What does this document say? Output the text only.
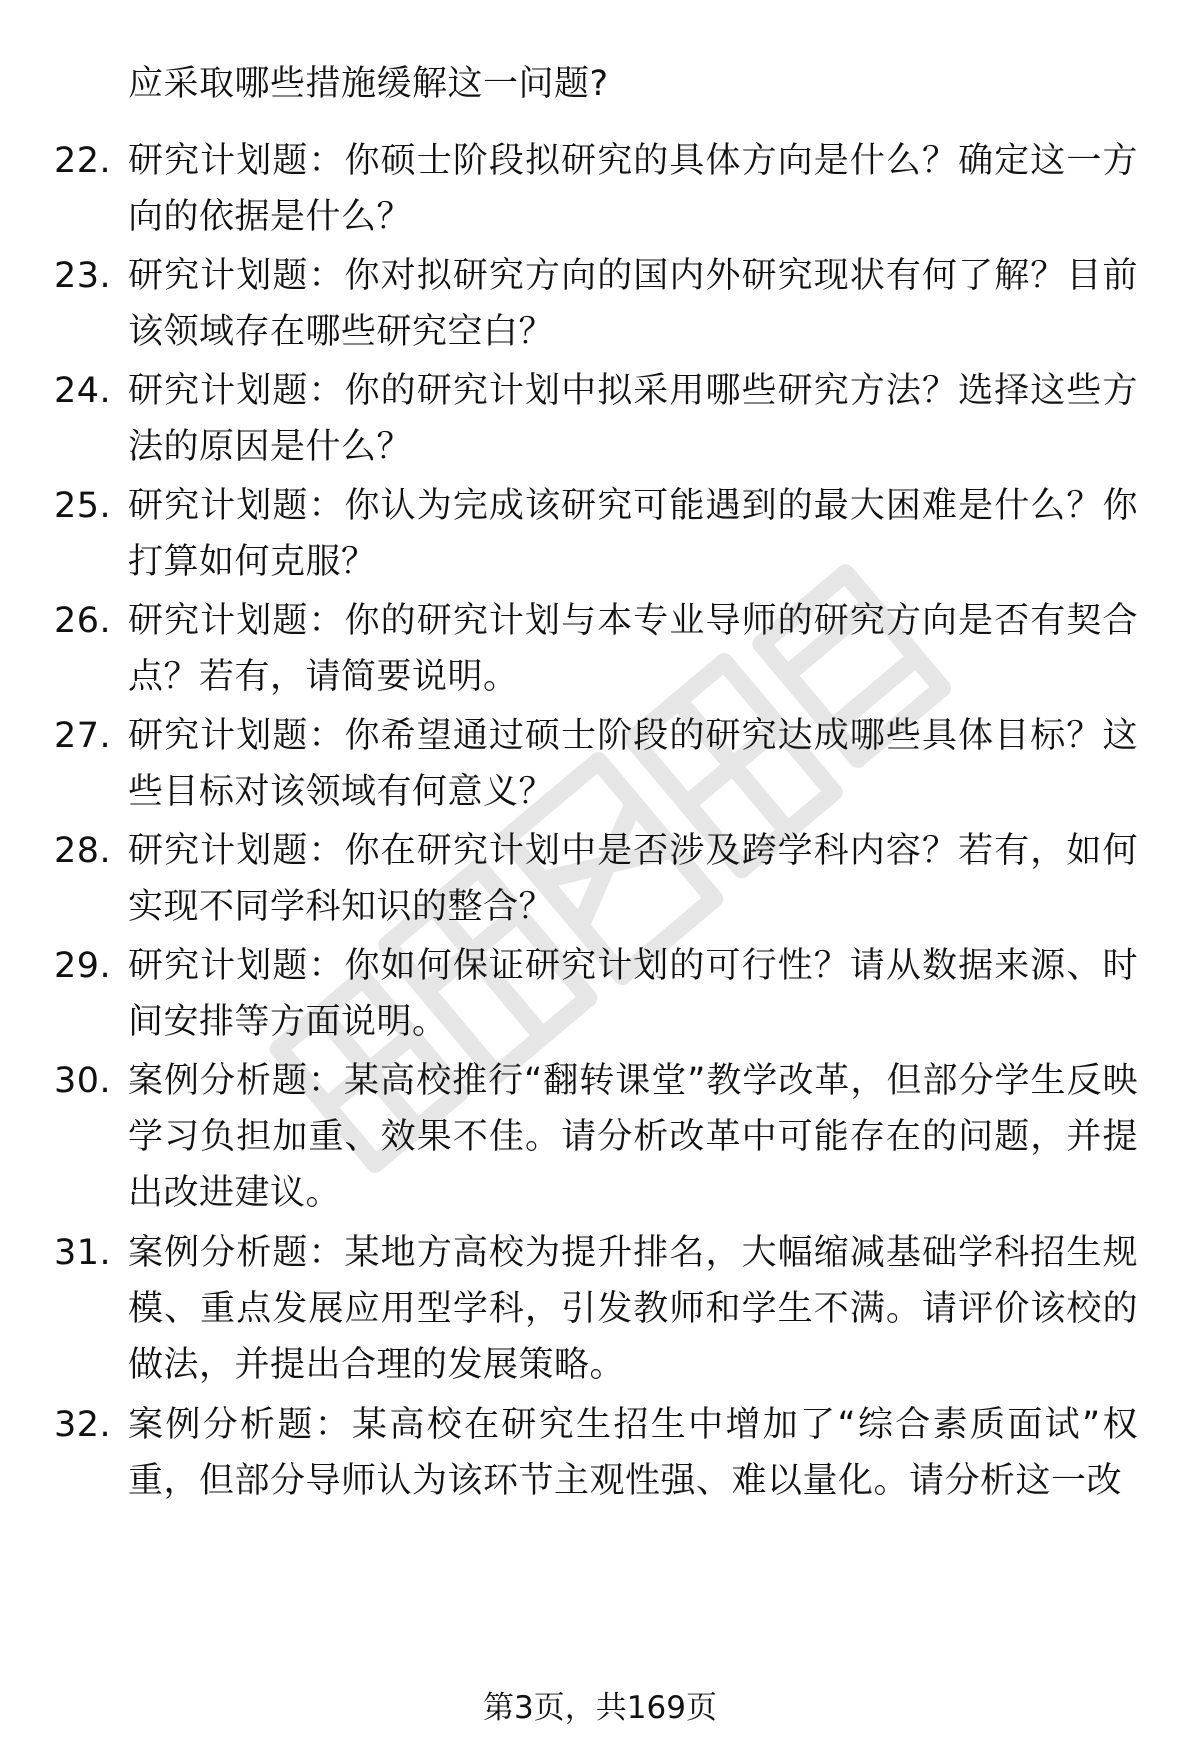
应采取哪些措施缓解这一问题?
22. 研究计划题：你硕士阶段拟研究的具体方向是什么？确定这一方向的依据是什么？
23. 研究计划题：你对拟研究方向的国内外研究现状有何了解？目前该领域存在哪些研究空白？
24. 研究计划题：你的研究计划中拟采用哪些研究方法？选择这些方法的原因是什么？
25. 研究计划题：你认为完成该研究可能遇到的最大困难是什么？你打算如何克服？
26. 研究计划题：你的研究计划与本专业导师的研究方向是否有契合点？若有，请简要说明。
27. 研究计划题：你希望通过硕士阶段的研究达成哪些具体目标？这些目标对该领域有何意义？
28. 研究计划题：你在研究计划中是否涉及跨学科内容？若有，如何实现不同学科知识的整合？
29. 研究计划题：你如何保证研究计划的可行性？请从数据来源、时间安排等方面说明。
30. 案例分析题：某高校推行“翻转课堂”教学改革，但部分学生反映学习负担加重、效果不佳。请分析改革中可能存在的问题，并提出改进建议。
31. 案例分析题：某地方高校为提升排名，大幅缩减基础学科招生规模、重点发展应用型学科，引发教师和学生不满。请评价该校的做法，并提出合理的发展策略。
32. 案例分析题：某高校在研究生招生中增加了“综合素质面试”权重，但部分导师认为该环节主观性强、难以量化。请分析这一改
第3页，共169页
